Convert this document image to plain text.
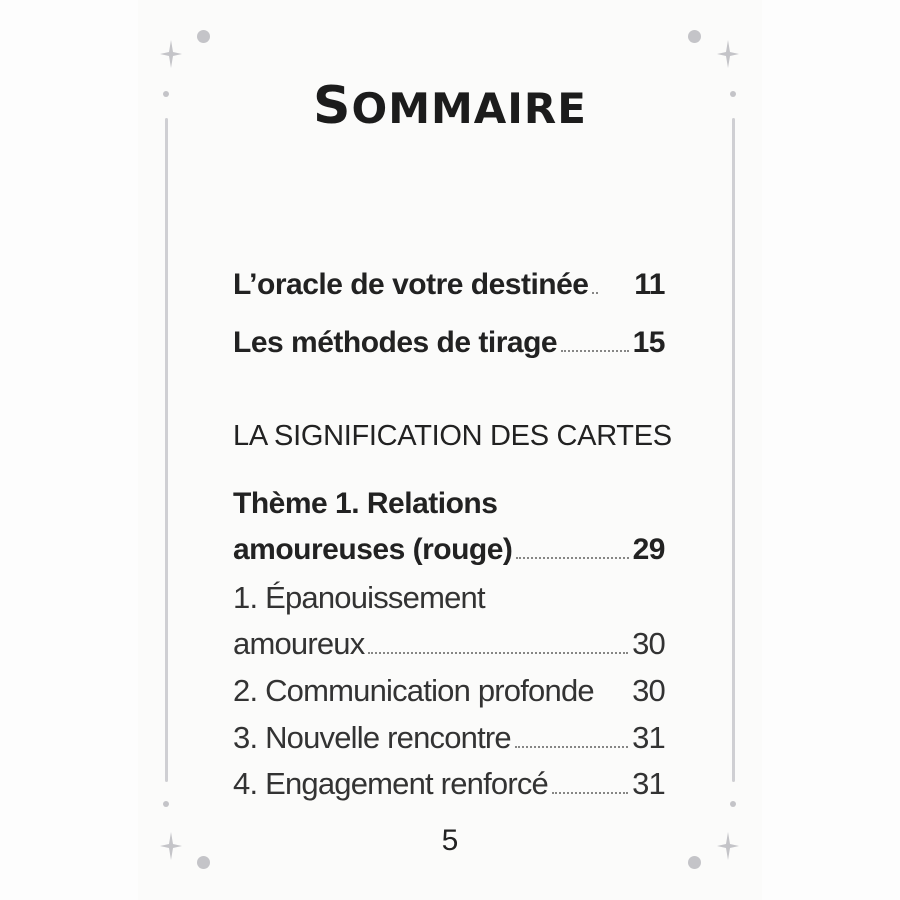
SOMMAIRE
L’oracle de votre destinée 11
Les méthodes de tirage	15
LA SIGNIFICATION DES CARTES
Thème 1. Relations
amoureuses (rouge)	29
1. Épanouissement
amoureux	30
2. Communication profonde 30
3. Nouvelle rencontre	31
4. Engagement renforcé	31
5
